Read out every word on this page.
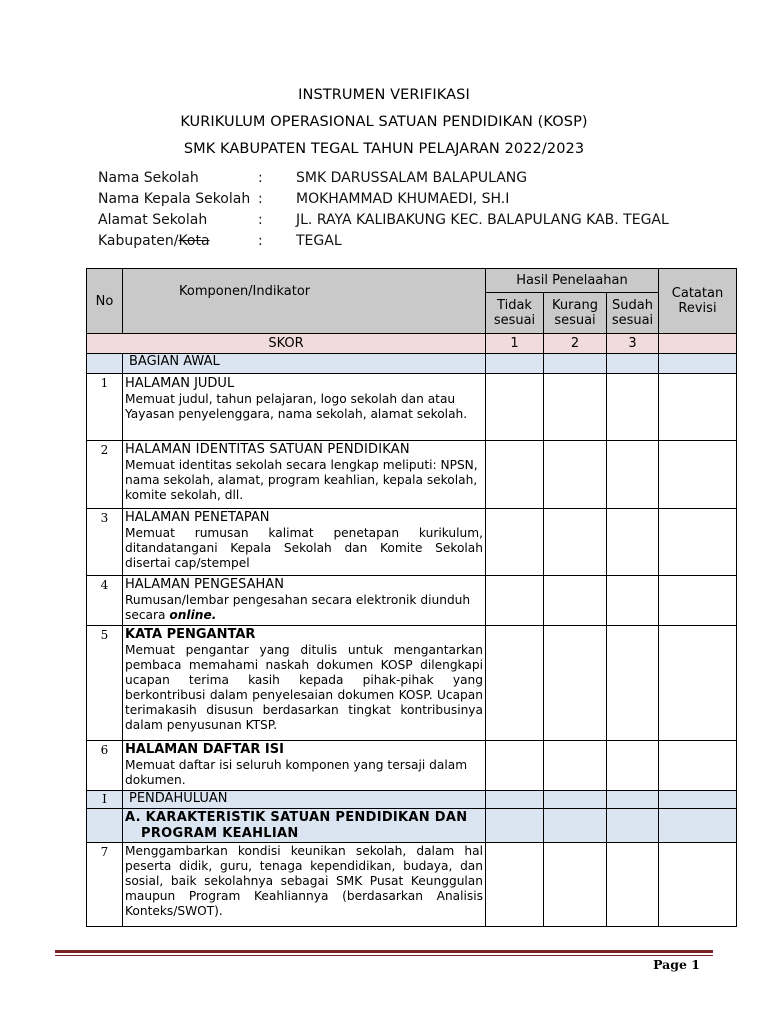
INSTRUMEN VERIFIKASI
KURIKULUM OPERASIONAL SATUAN PENDIDIKAN (KOSP)
SMK KABUPATEN TEGAL TAHUN PELAJARAN 2022/2023
Nama Sekolah	: SMK DARUSSALAM BALAPULANG
Nama Kepala Sekolah : MOKHAMMAD KHUMAEDI, SH.I
Alamat Sekolah	: JL. RAYA KALIBAKUNG KEC. BALAPULANG KAB. TEGAL
Kabupaten/Kota	: TEGAL
No	Komponen/Indikator	Hasil Penelaahan			Catatan Revisi
		Tidak sesuai	Kurang sesuai	Sudah sesuai	
SKOR		1	2	3	
	BAGIAN AWAL				
1	HALAMAN JUDUL
Memuat judul, tahun pelajaran, logo sekolah dan atau Yayasan penyelenggara, nama sekolah, alamat sekolah.				

2	HALAMAN IDENTITAS SATUAN PENDIDIKAN
Memuat identitas sekolah secara lengkap meliputi: NPSN, nama sekolah, alamat, program keahlian, kepala sekolah, komite sekolah, dll.				

3	HALAMAN PENETAPAN
Memuat rumusan kalimat penetapan kurikulum, ditandatangani Kepala Sekolah dan Komite Sekolah disertai cap/stempel				

4	HALAMAN PENGESAHAN
Rumusan/lembar pengesahan secara elektronik diunduh secara online.				

5	KATA PENGANTAR
Memuat pengantar yang ditulis untuk mengantarkan pembaca memahami naskah dokumen KOSP dilengkapi ucapan terima kasih kepada pihak-pihak yang berkontribusi dalam penyelesaian dokumen KOSP. Ucapan terimakasih disusun berdasarkan tingkat kontribusinya dalam penyusunan KTSP.				

6	HALAMAN DAFTAR ISI
Memuat daftar isi seluruh komponen yang tersaji dalam dokumen.				

I	PENDAHULUAN				

	A. KARAKTERISTIK SATUAN PENDIDIKAN DAN
PROGRAM KEAHLIAN				

7	Menggambarkan kondisi keunikan sekolah, dalam hal peserta didik, guru, tenaga kependidikan, budaya, dan sosial, baik sekolahnya sebagai SMK Pusat Keunggulan maupun Program Keahliannya (berdasarkan Analisis Konteks/SWOT).				

Page 1
